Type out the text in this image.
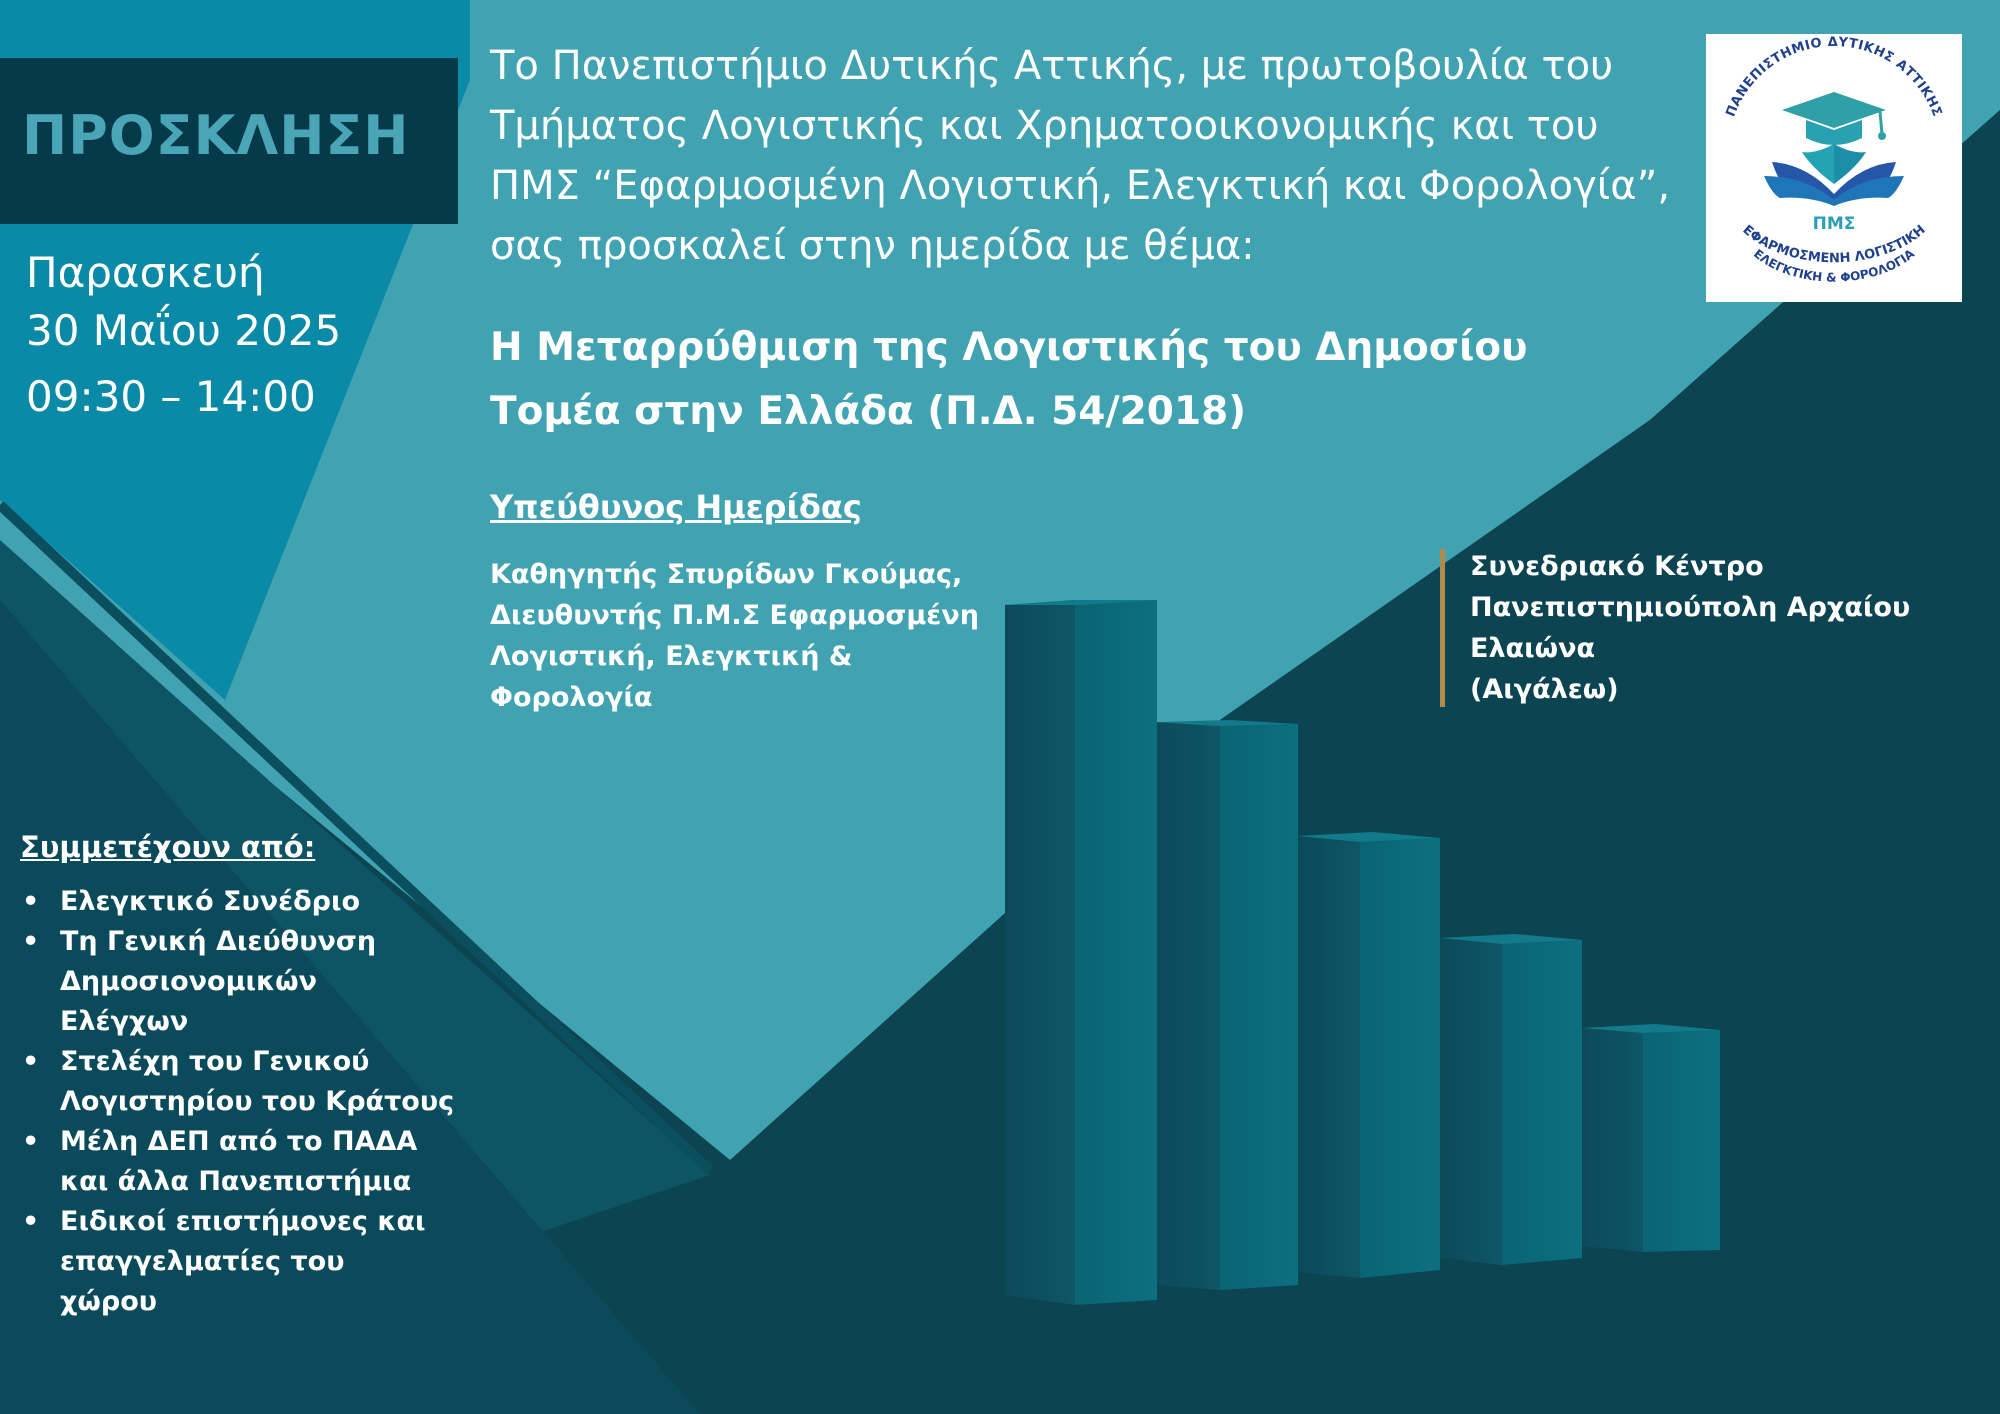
ΠΡΟΣΚΛΗΣΗ
Παρασκευή
30 Μαΐου 2025
09:30 – 14:00
Το Πανεπιστήμιο Δυτικής Αττικής, με πρωτοβουλία του
Τμήματος Λογιστικής και Χρηματοοικονομικής και του
ΠΜΣ “Εφαρμοσμένη Λογιστική, Ελεγκτική και Φορολογία”,
σας προσκαλεί στην ημερίδα με θέμα:
Η Μεταρρύθμιση της Λογιστικής του Δημοσίου
Τομέα στην Ελλάδα (Π.Δ. 54/2018)
Υπεύθυνος Ημερίδας
Καθηγητής Σπυρίδων Γκούμας,
Διευθυντής Π.Μ.Σ Εφαρμοσμένη
Λογιστική, Ελεγκτική &
Φορολογία
Συνεδριακό Κέντρο
Πανεπιστημιούπολη Αρχαίου
Ελαιώνα
(Αιγάλεω)
Συμμετέχουν από:
• Ελεγκτικό Συνέδριο
• Τη Γενική Διεύθυνση
Δημοσιονομικών
Ελέγχων
• Στελέχη του Γενικού
Λογιστηρίου του Κράτους
• Μέλη ΔΕΠ από το ΠΑΔΑ
και άλλα Πανεπιστήμια
• Ειδικοί επιστήμονες και
επαγγελματίες του
χώρου
ΠΑΝΕΠΙΣΤΗΜΙΟ ΔΥΤΙΚΗΣ ΑΤΤΙΚΗΣ
ΠΜΣ
ΕΦΑΡΜΟΣΜΕΝΗ ΛΟΓΙΣΤΙΚΗ
ΕΛΕΓΚΤΙΚΗ & ΦΟΡΟΛΟΓΙΑ
